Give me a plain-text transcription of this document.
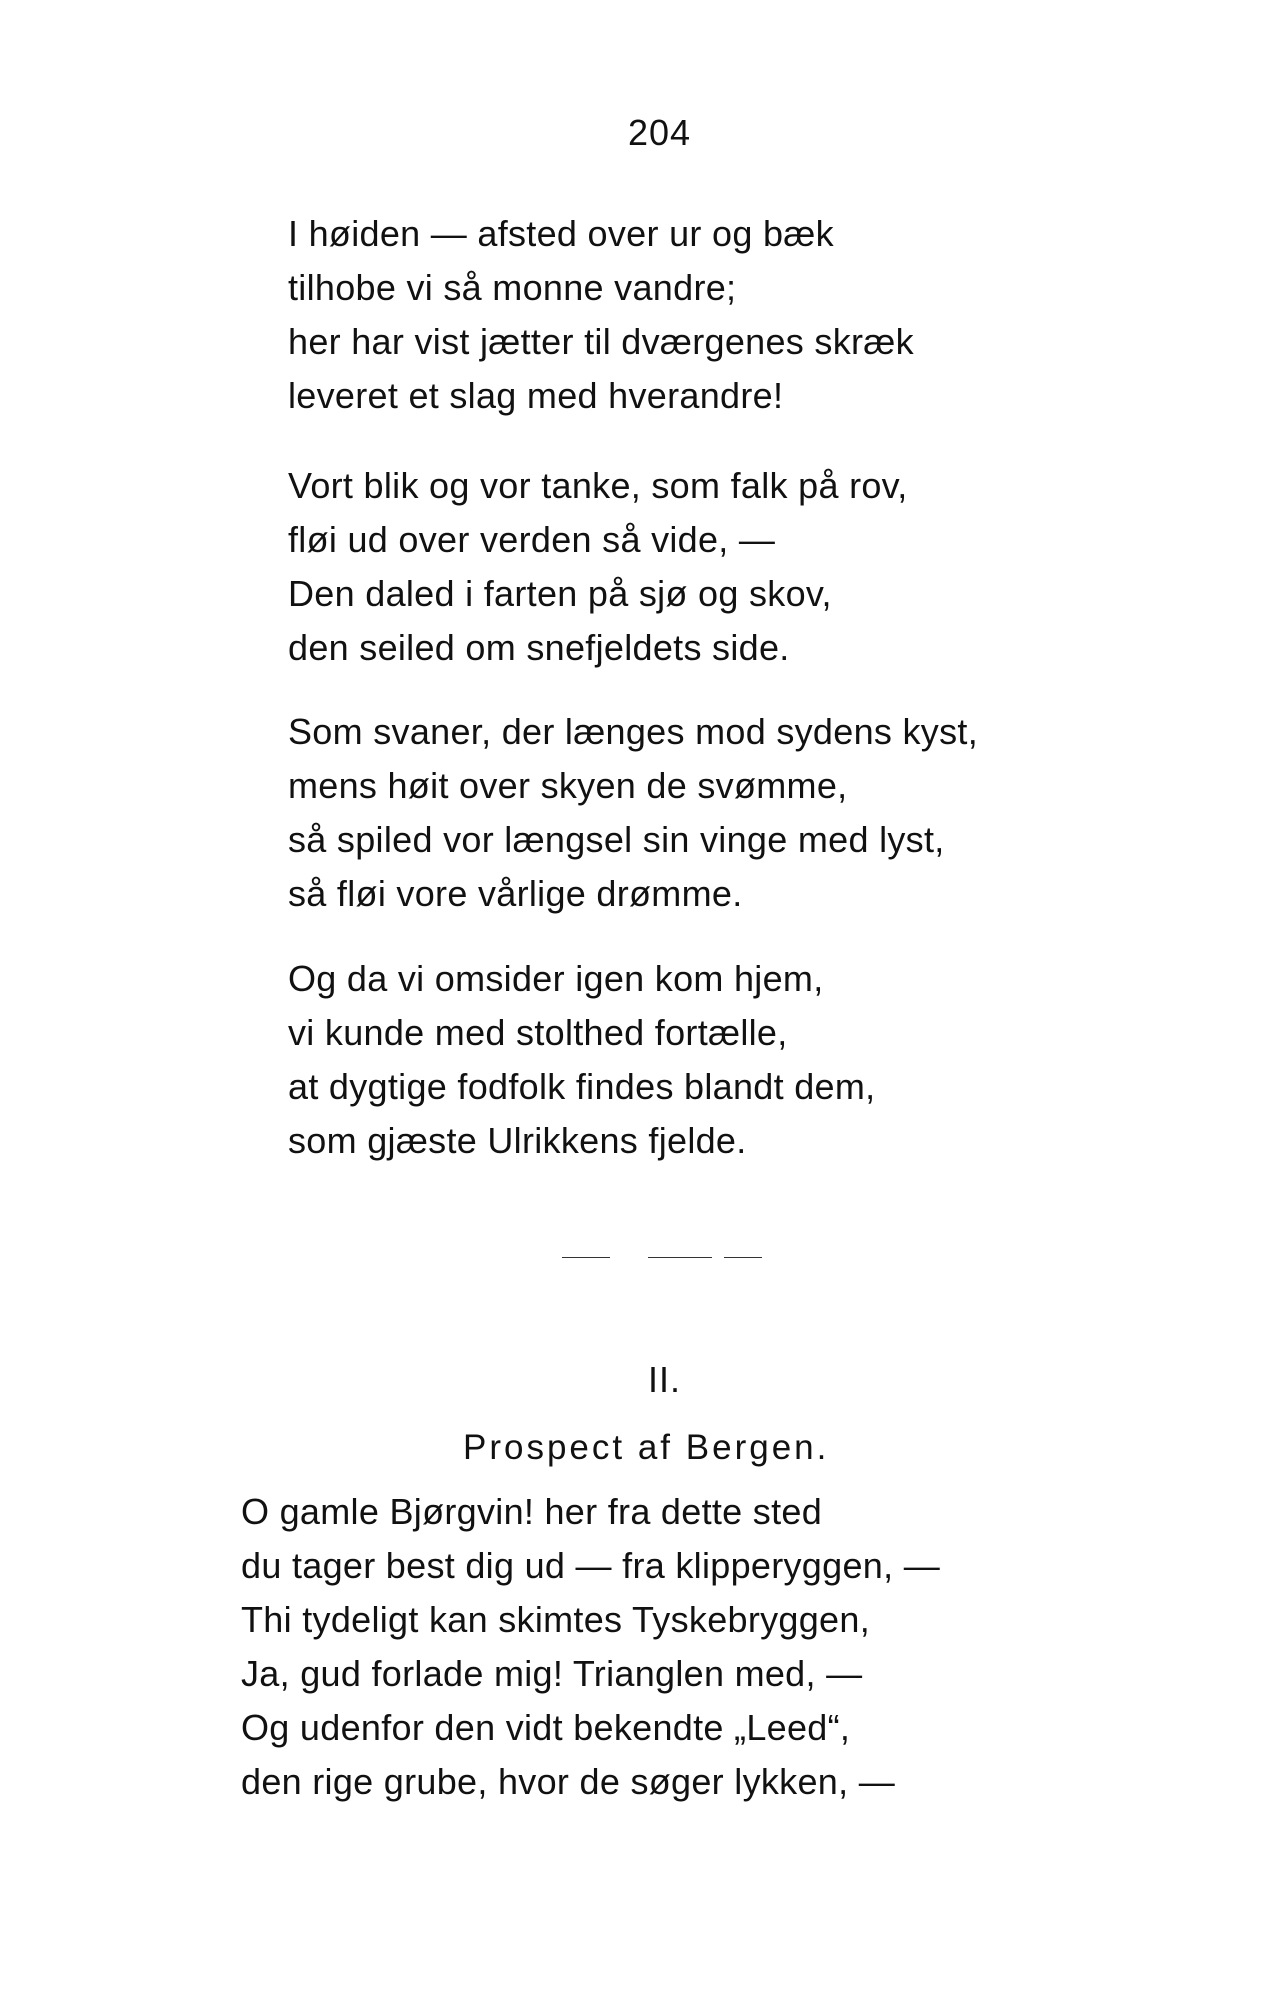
204
I høiden — afsted over ur og bæk
tilhobe vi så monne vandre;
her har vist jætter til dværgenes skræk
leveret et slag med hverandre!
Vort blik og vor tanke, som falk på rov,
fløi ud over verden så vide, —
Den daled i farten på sjø og skov,
den seiled om snefjeldets side.
Som svaner, der længes mod sydens kyst,
mens høit over skyen de svømme,
så spiled vor længsel sin vinge med lyst,
så fløi vore vårlige drømme.
Og da vi omsider igen kom hjem,
vi kunde med stolthed fortælle,
at dygtige fodfolk findes blandt dem,
som gjæste Ulrikkens fjelde.
II.
Prospect af Bergen.
O gamle Bjørgvin! her fra dette sted
du tager best dig ud — fra klipperyggen, —
Thi tydeligt kan skimtes Tyskebryggen,
Ja, gud forlade mig! Trianglen med, —
Og udenfor den vidt bekendte „Leed“,
den rige grube, hvor de søger lykken, —
